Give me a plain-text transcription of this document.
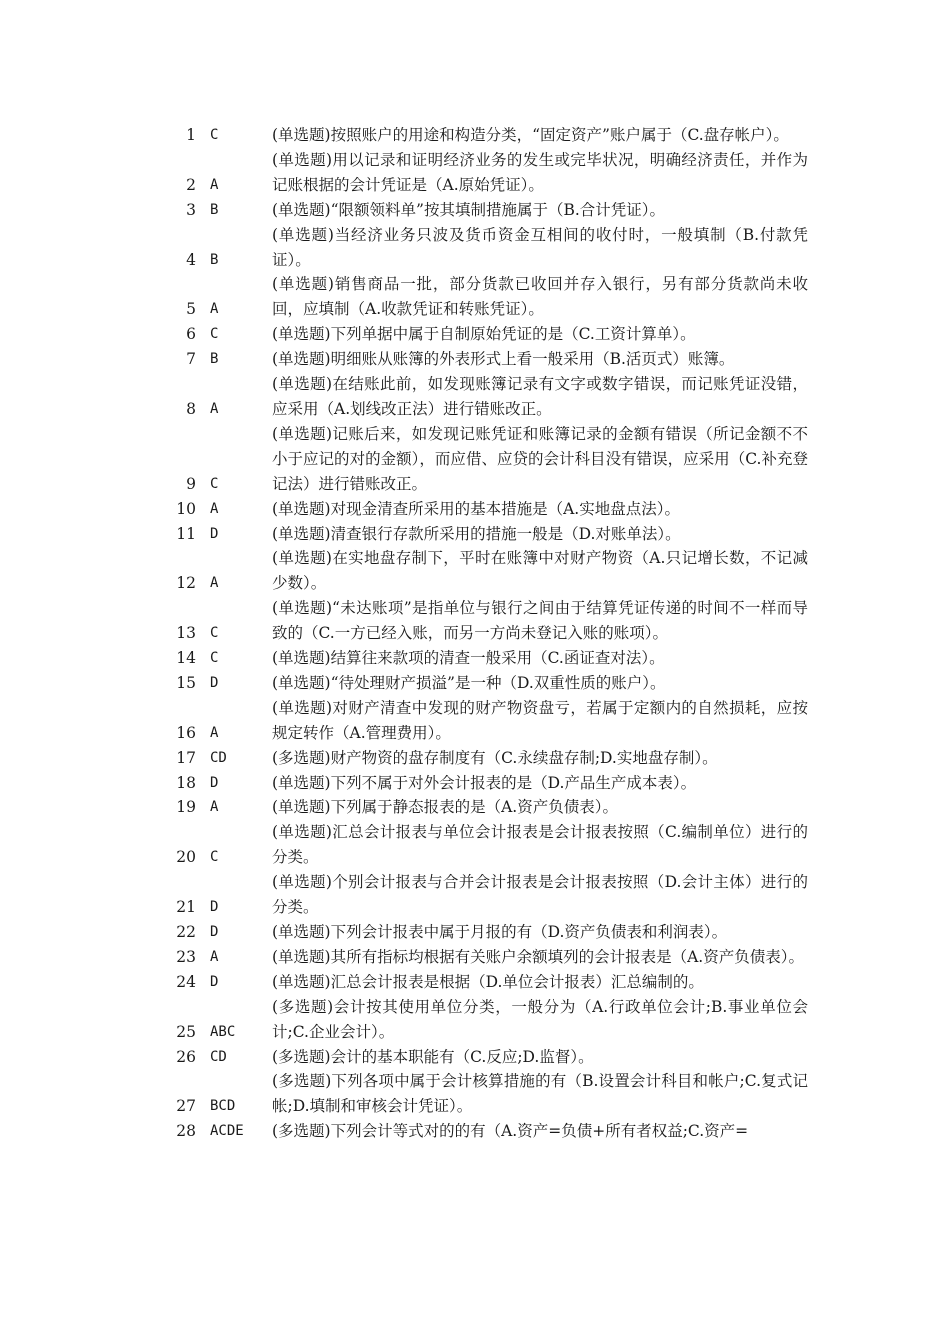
1	C	(单选题)按照账户的用途和构造分类，“固定资产”账户属于（C.盘存帐户）。

2	A	(单选题)用以记录和证明经济业务的发生或完毕状况，明确经济责任，并作为记账根据的会计凭证是（A.原始凭证）。

3	B	(单选题)“限额领料单”按其填制措施属于（B.合计凭证）。

4	B	(单选题)当经济业务只波及货币资金互相间的收付时，一般填制（B.付款凭证）。

5	A	(单选题)销售商品一批，部分货款已收回并存入银行，另有部分货款尚未收回，应填制（A.收款凭证和转账凭证）。

6	C	(单选题)下列单据中属于自制原始凭证的是（C.工资计算单）。

7	B	(单选题)明细账从账簿的外表形式上看一般采用（B.活页式）账簿。

8	A	(单选题)在结账此前，如发现账簿记录有文字或数字错误，而记账凭证没错，应采用（A.划线改正法）进行错账改正。

9	C	(单选题)记账后来，如发现记账凭证和账簿记录的金额有错误（所记金额不不小于应记的对的金额），而应借、应贷的会计科目没有错误，应采用（C.补充登记法）进行错账改正。

10	A	(单选题)对现金清查所采用的基本措施是（A.实地盘点法）。

11	D	(单选题)清查银行存款所采用的措施一般是（D.对账单法）。

12	A	(单选题)在实地盘存制下，平时在账簿中对财产物资（A.只记增长数，不记减少数）。

13	C	(单选题)“未达账项”是指单位与银行之间由于结算凭证传递的时间不一样而导致的（C.一方已经入账，而另一方尚未登记入账的账项）。

14	C	(单选题)结算往来款项的清查一般采用（C.函证查对法）。

15	D	(单选题)“待处理财产损溢”是一种（D.双重性质的账户）。

16	A	(单选题)对财产清查中发现的财产物资盘亏，若属于定额内的自然损耗，应按规定转作（A.管理费用）。

17	CD	(多选题)财产物资的盘存制度有（C.永续盘存制;D.实地盘存制）。

18	D	(单选题)下列不属于对外会计报表的是（D.产品生产成本表）。

19	A	(单选题)下列属于静态报表的是（A.资产负债表）。

20	C	(单选题)汇总会计报表与单位会计报表是会计报表按照（C.编制单位）进行的分类。

21	D	(单选题)个别会计报表与合并会计报表是会计报表按照（D.会计主体）进行的分类。

22	D	(单选题)下列会计报表中属于月报的有（D.资产负债表和利润表）。

23	A	(单选题)其所有指标均根据有关账户余额填列的会计报表是（A.资产负债表）。

24	D	(单选题)汇总会计报表是根据（D.单位会计报表）汇总编制的。

25	ABC	(多选题)会计按其使用单位分类，一般分为（A.行政单位会计;B.事业单位会计;C.企业会计）。

26	CD	(多选题)会计的基本职能有（C.反应;D.监督）。

27	BCD	(多选题)下列各项中属于会计核算措施的有（B.设置会计科目和帐户;C.复式记帐;D.填制和审核会计凭证）。

28	ACDE	(多选题)下列会计等式对的的有（A.资产=负债+所有者权益;C.资产=
